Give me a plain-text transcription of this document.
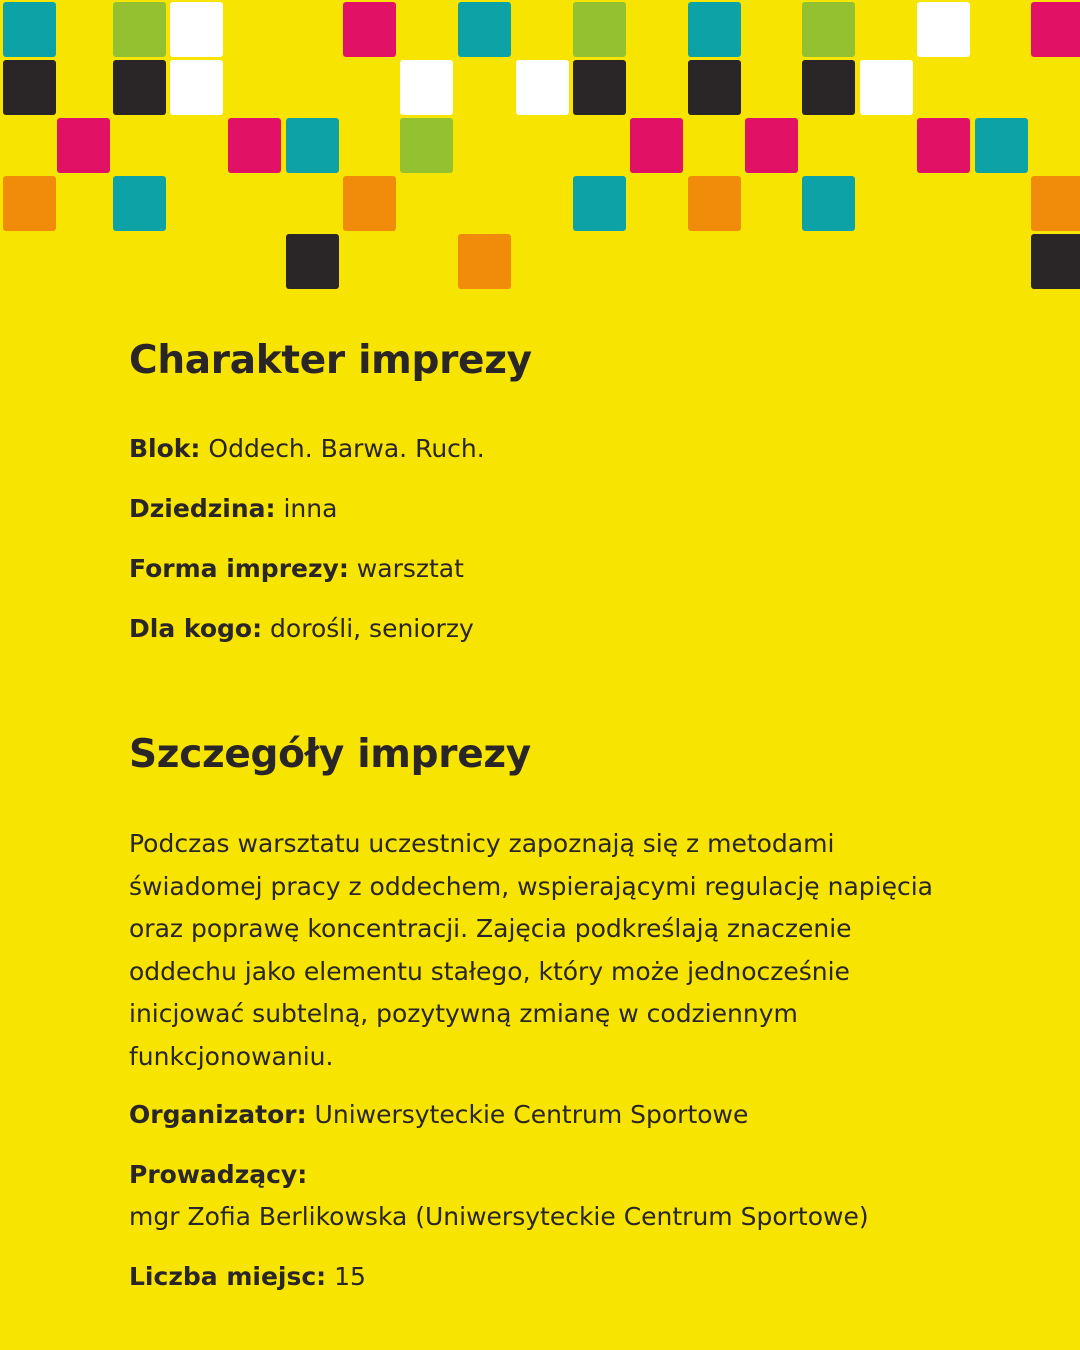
Charakter imprezy
Blok: Oddech. Barwa. Ruch.
Dziedzina: inna
Forma imprezy: warsztat
Dla kogo: dorośli, seniorzy
Szczegóły imprezy

Podczas warsztatu uczestnicy zapoznają się z metodami
świadomej pracy z oddechem, wspierającymi regulację napięcia
oraz poprawę koncentracji. Zajęcia podkreślają znaczenie
oddechu jako elementu stałego, który może jednocześnie
inicjować subtelną, pozytywną zmianę w codziennym
funkcjonowaniu.

Organizator: Uniwersyteckie Centrum Sportowe
Prowadzący:
mgr Zofia Berlikowska (Uniwersyteckie Centrum Sportowe)
Liczba miejsc: 15
